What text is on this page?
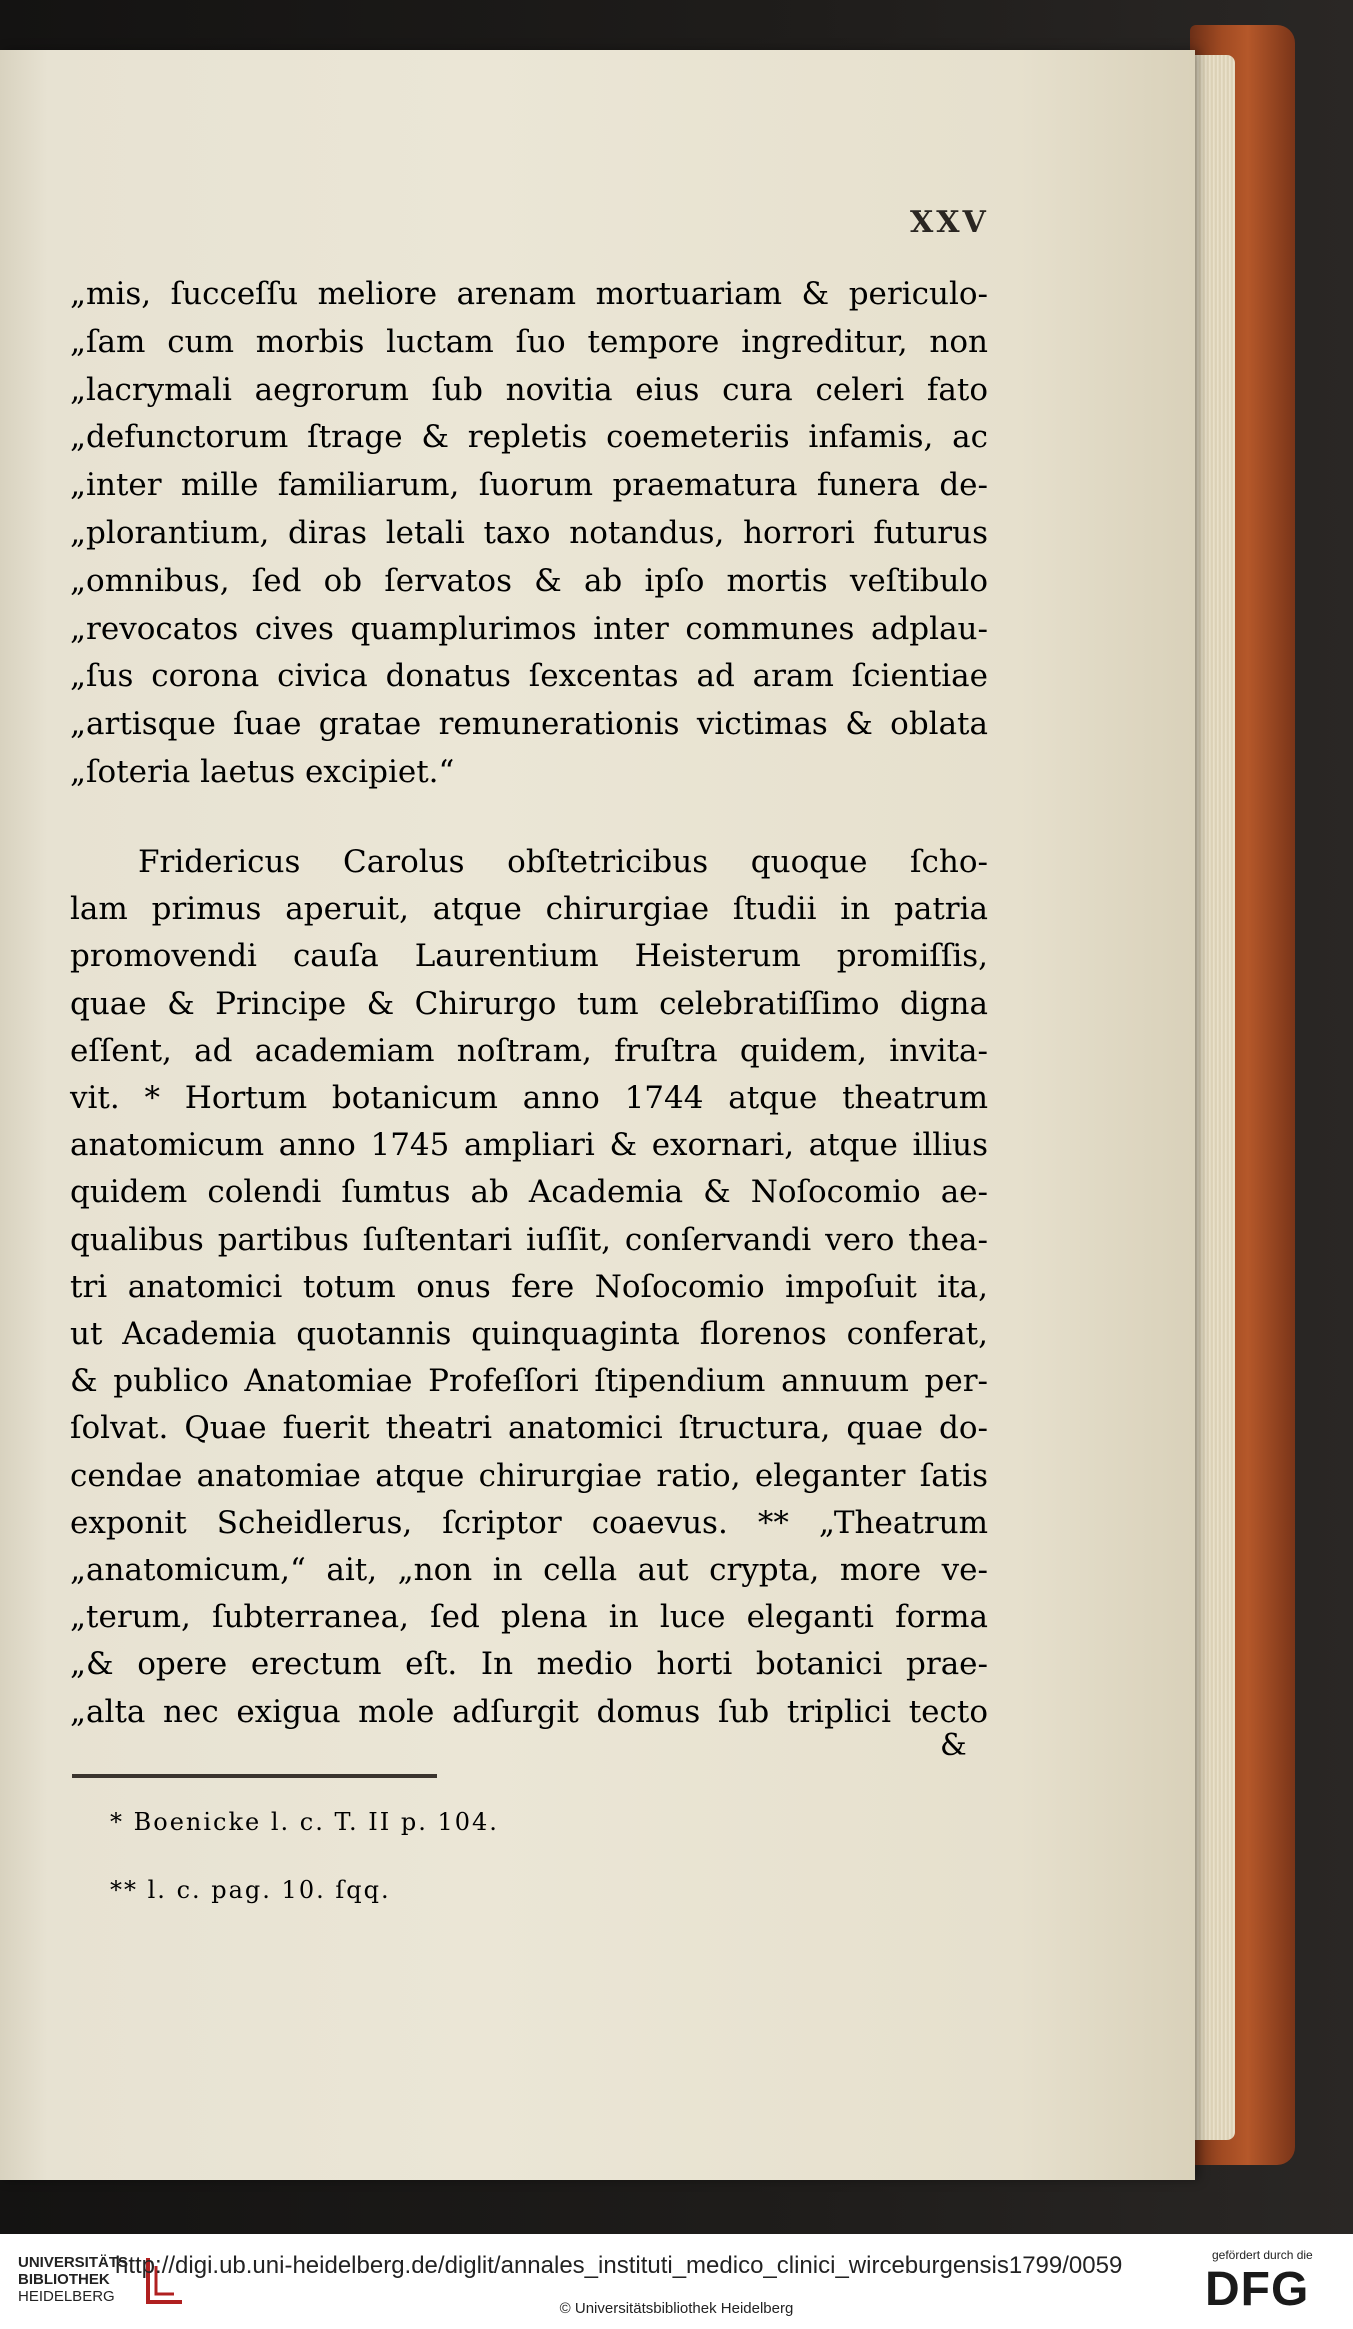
XXV
„mis, ſucceſſu meliore arenam mortuariam & periculo-
„ſam cum morbis luctam ſuo tempore ingreditur, non
„lacrymali aegrorum ſub novitia eius cura celeri fato
„defunctorum ſtrage & repletis coemeteriis infamis, ac
„inter mille familiarum, ſuorum praematura funera de-
„plorantium, diras letali taxo notandus, horrori futurus
„omnibus, ſed ob ſervatos & ab ipſo mortis veſtibulo
„revocatos cives quamplurimos inter communes adplau-
„ſus corona civica donatus ſexcentas ad aram ſcientiae
„artisque ſuae gratae remunerationis victimas & oblata
„ſoteria laetus excipiet.“
Fridericus Carolus obſtetricibus quoque ſcho-
lam primus aperuit, atque chirurgiae ſtudii in patria
promovendi cauſa Laurentium Heisterum promiſſis,
quae & Principe & Chirurgo tum celebratiſſimo digna
eſſent, ad academiam noſtram, fruſtra quidem, invita-
vit. * Hortum botanicum anno 1744 atque theatrum
anatomicum anno 1745 ampliari & exornari, atque illius
quidem colendi ſumtus ab Academia & Noſocomio ae-
qualibus partibus ſuſtentari iuſſit, conſervandi vero thea-
tri anatomici totum onus fere Noſocomio impoſuit ita,
ut Academia quotannis quinquaginta florenos conferat,
& publico Anatomiae Profeſſori ſtipendium annuum per-
ſolvat. Quae fuerit theatri anatomici ſtructura, quae do-
cendae anatomiae atque chirurgiae ratio, eleganter ſatis
exponit Scheidlerus, ſcriptor coaevus. ** „Theatrum
„anatomicum,“ ait, „non in cella aut crypta, more ve-
„terum, ſubterranea, ſed plena in luce eleganti forma
„& opere erectum eſt. In medio horti botanici prae-
„alta nec exigua mole adſurgit domus ſub triplici tecto
&
* Boenicke l. c. T. II p. 104.
** l. c. pag. 10. ſqq.
UNIVERSITÄTS
BIBLIOTHEK
HEIDELBERG
http://digi.ub.uni-heidelberg.de/diglit/annales_instituti_medico_clinici_wirceburgensis1799/0059
© Universitätsbibliothek Heidelberg
gefördert durch die
DFG
